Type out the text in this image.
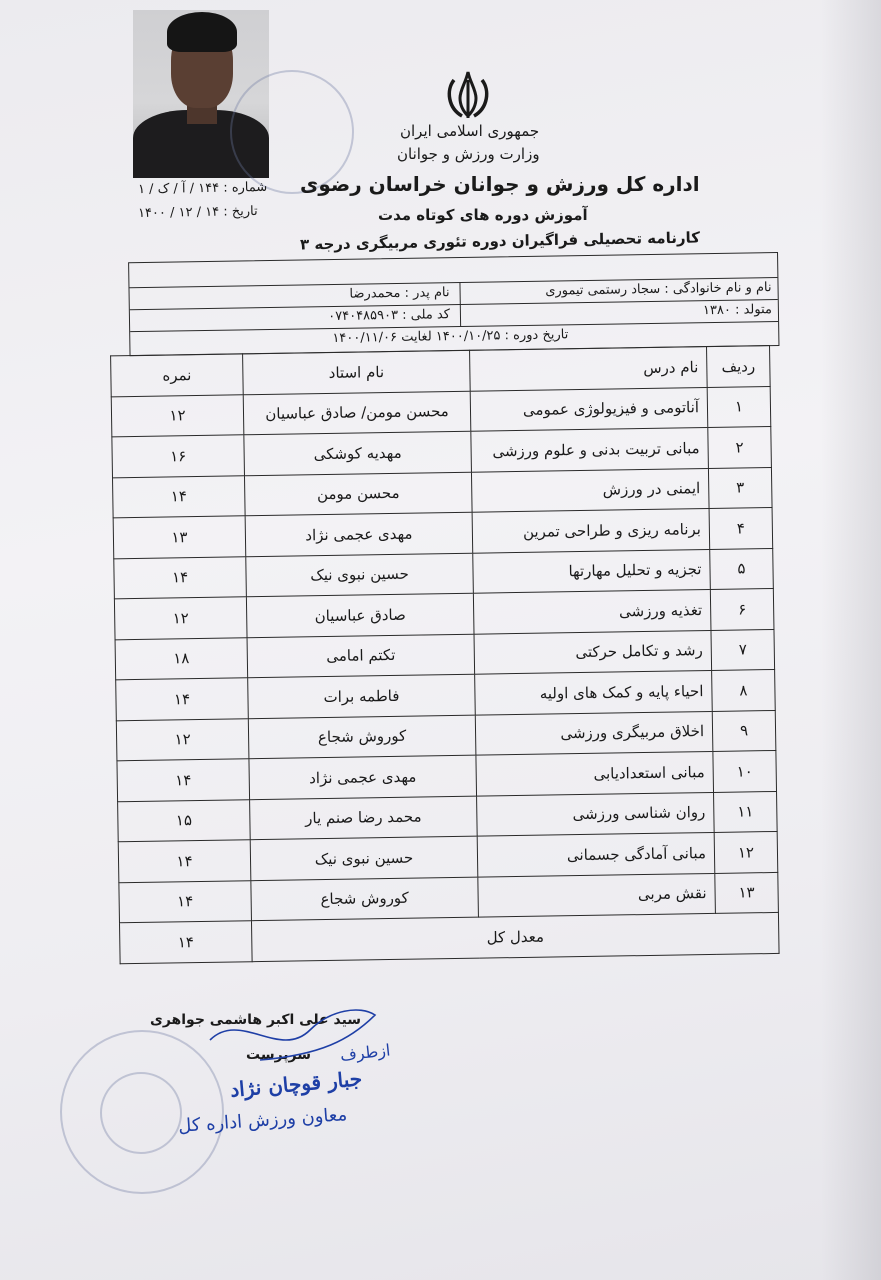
جمهوری اسلامی ایران
وزارت ورزش و جوانان
اداره کل ورزش و جوانان خراسان رضوی
شماره : ۱۴۴ / آ / ک / ۱
تاریخ : ۱۴ / ۱۲ / ۱۴۰۰	آموزش دوره های کوتاه مدت
کارنامه تحصیلی فراگیران دوره تئوری مربیگری درجه ۳
نام و نام خانوادگی : سجاد رستمی تیموری
نام پدر : محمدرضا
متولد : ۱۳۸۰
کد ملی : ۰۷۴۰۴۸۵۹۰۳
تاریخ دوره : ۱۴۰۰/۱۰/۲۵ لغایت ۱۴۰۰/۱۱/۰۶
ردیف	نام درس	نام استاد	نمره
۱	آناتومی و فیزیولوژی عمومی	محسن مومن/ صادق عباسیان	۱۲
۲	مبانی تربیت بدنی و علوم ورزشی	مهدیه کوشکی	۱۶
۳	ایمنی در ورزش	محسن مومن	۱۴
۴	برنامه ریزی و طراحی تمرین	مهدی عجمی نژاد	۱۳
۵	تجزیه و تحلیل مهارتها	حسین نبوی نیک	۱۴
۶	تغذیه ورزشی	صادق عباسیان	۱۲
۷	رشد و تکامل حرکتی	تکتم امامی	۱۸
۸	احیاء پایه و کمک های اولیه	فاطمه برات	۱۴
۹	اخلاق مربیگری ورزشی	کوروش شجاع	۱۲
۱۰	مبانی استعدادیابی	مهدی عجمی نژاد	۱۴
۱۱	روان شناسی ورزشی	محمد رضا صنم یار	۱۵
۱۲	مبانی آمادگی جسمانی	حسین نبوی نیک	۱۴
۱۳	نقش مربی	کوروش شجاع	۱۴
معدل کل			۱۴
سید علی اکبر هاشمی جواهری
سرپرست ازطرف
جبار قوچان نژاد
معاون ورزش اداره کل
